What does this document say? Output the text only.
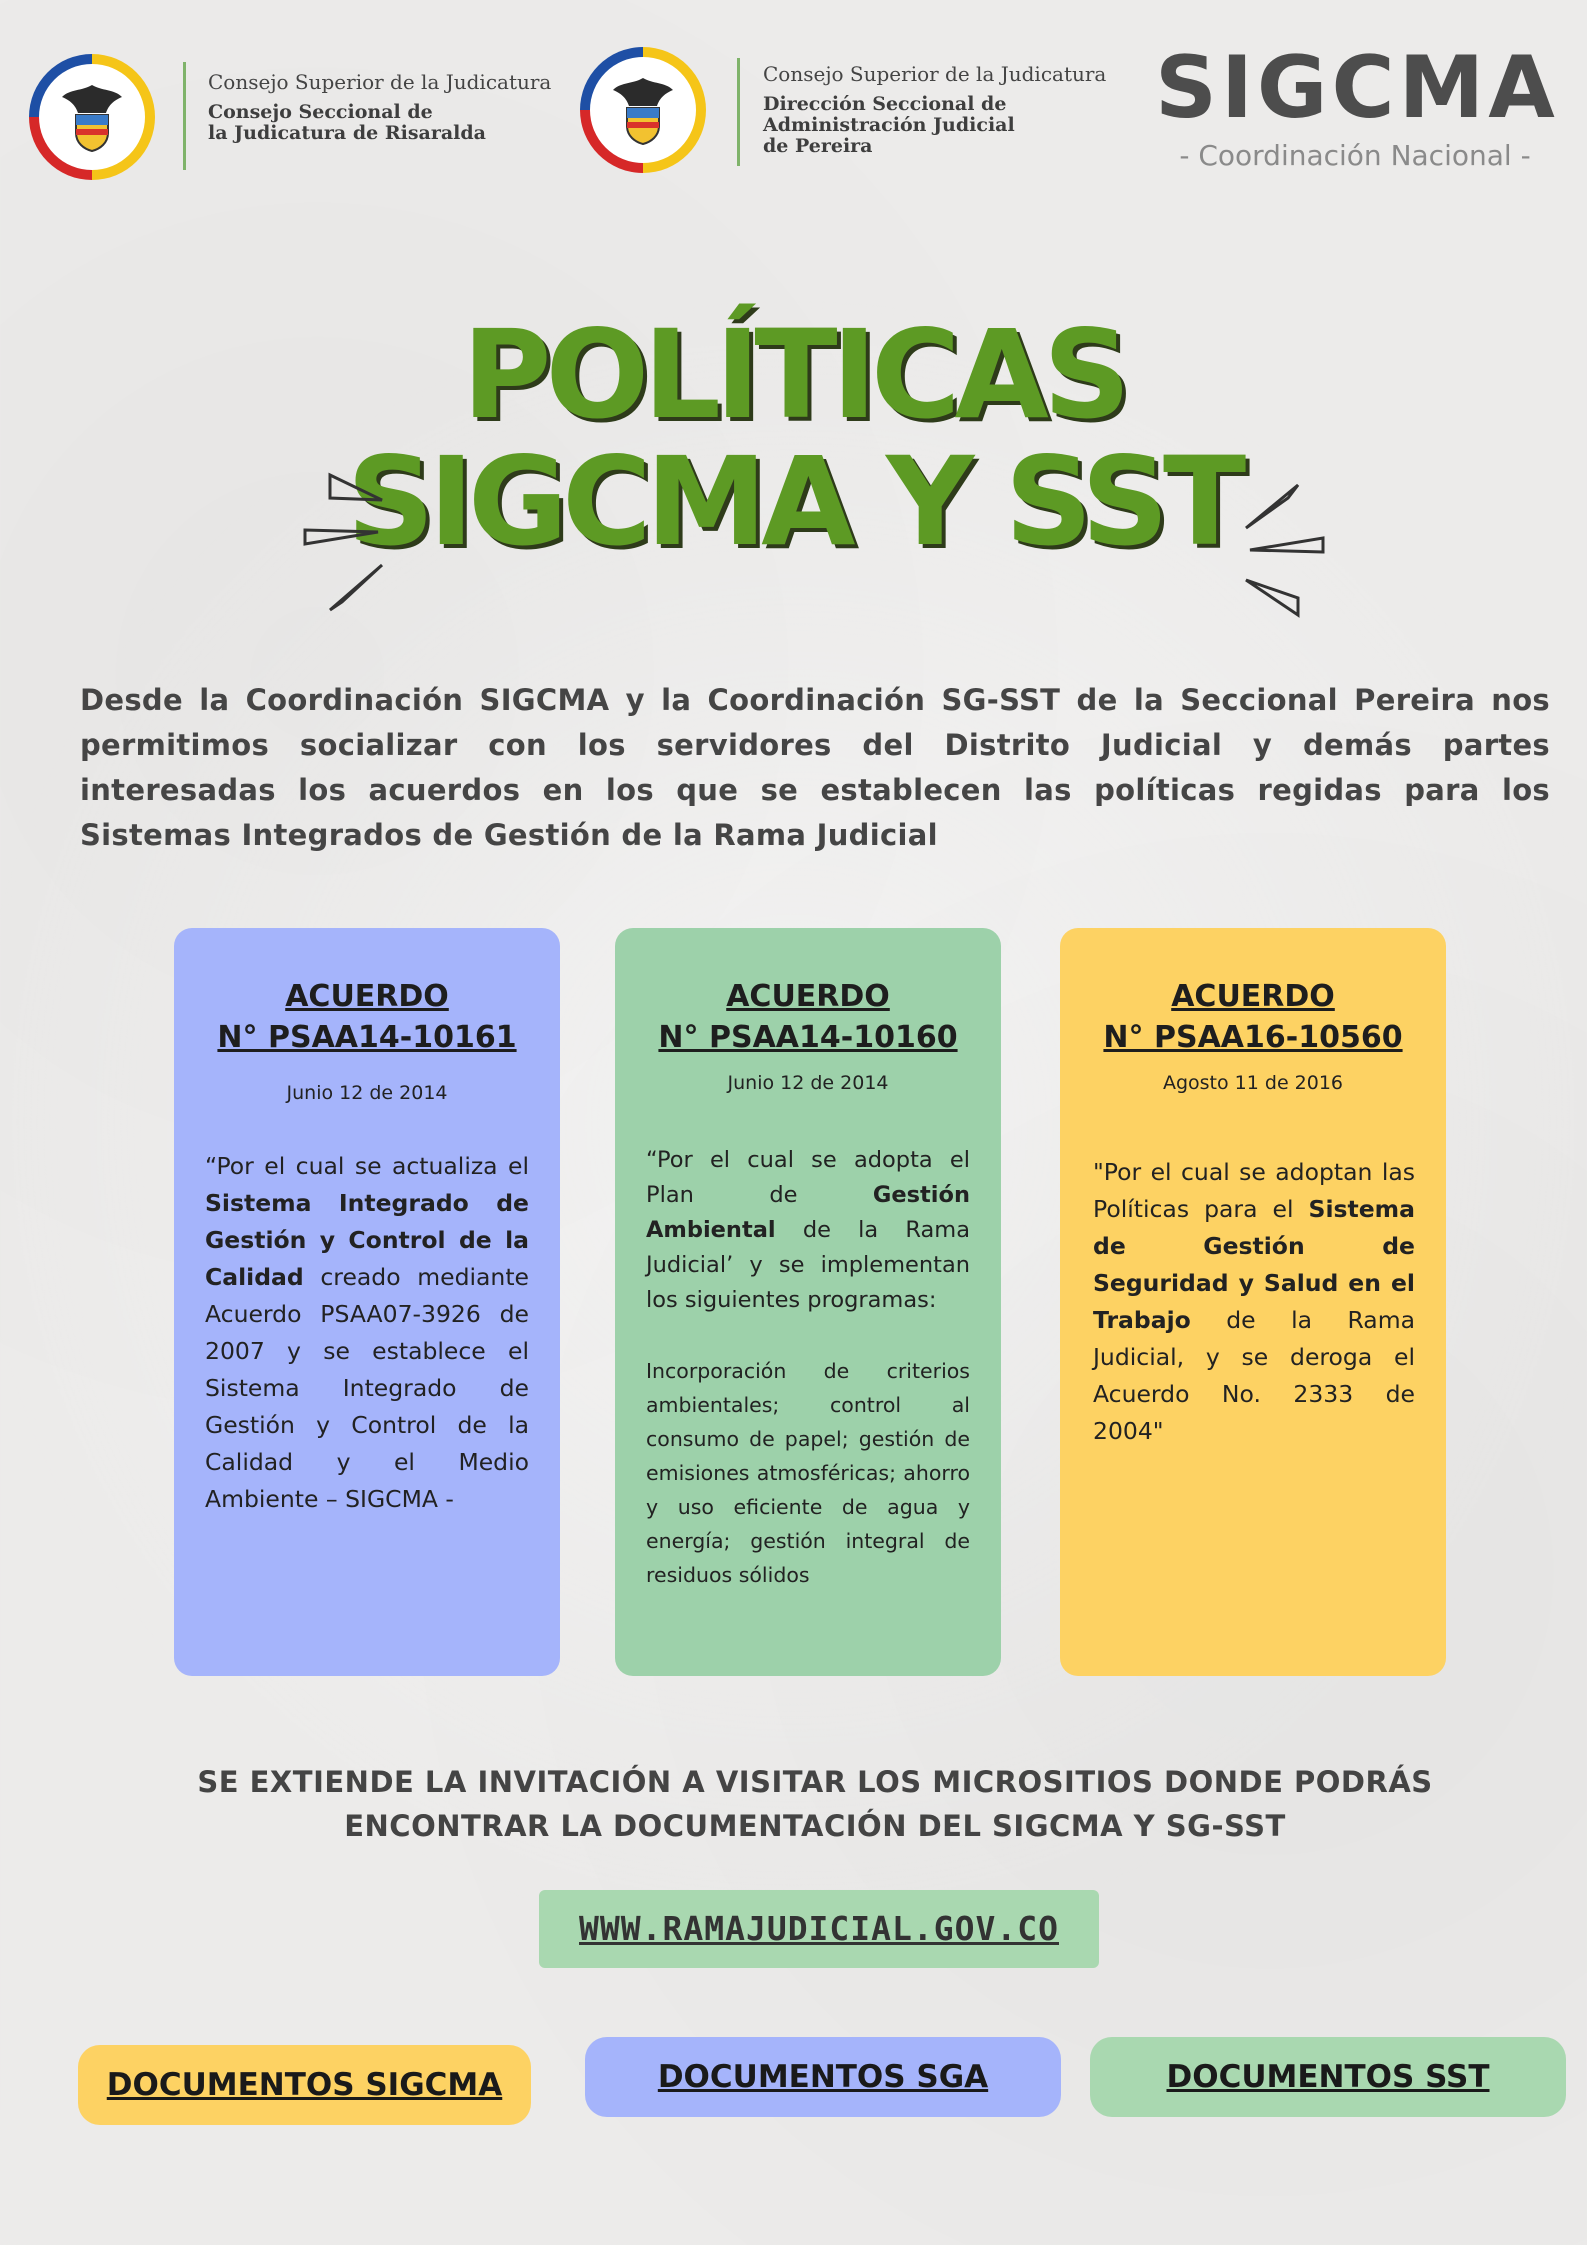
Consejo Superior de la Judicatura
Consejo Seccional de
la Judicatura de Risaralda
Consejo Superior de la Judicatura
Dirección Seccional de
Administración Judicial
de Pereira
SIGCMA
- Coordinación Nacional -
POLÍTICAS
SIGCMA Y SST
Desde la Coordinación SIGCMA y la Coordinación SG-SST de la Seccional Pereira nos permitimos socializar con los servidores del Distrito Judicial y demás partes interesadas los acuerdos en los que se establecen las políticas regidas para los Sistemas Integrados de Gestión de la Rama Judicial
ACUERDO
N° PSAA14-10161
Junio 12 de 2014
“Por el cual se actualiza el Sistema Integrado de Gestión y Control de la Calidad creado mediante Acuerdo PSAA07-3926 de 2007 y se establece el Sistema Integrado de Gestión y Control de la Calidad y el Medio Ambiente – SIGCMA -
ACUERDO
N° PSAA14-10160
Junio 12 de 2014
“Por el cual se adopta el Plan de	Gestión Ambiental de la Rama Judicial’ y se implementan los siguientes programas:
Incorporación de criterios ambientales; control al consumo de papel; gestión de emisiones atmosféricas; ahorro y uso eficiente de agua y energía; gestión integral de residuos sólidos
ACUERDO
N° PSAA16-10560
Agosto 11 de 2016
"Por el cual se adoptan las Políticas para el Sistema de Gestión de Seguridad y Salud en el Trabajo de la Rama Judicial, y se deroga el Acuerdo No. 2333 de 2004"
SE EXTIENDE LA INVITACIÓN A VISITAR LOS MICROSITIOS DONDE PODRÁS
ENCONTRAR LA DOCUMENTACIÓN DEL SIGCMA Y SG-SST
WWW.RAMAJUDICIAL.GOV.CO
DOCUMENTOS SIGCMA	DOCUMENTOS SGA	DOCUMENTOS SST
